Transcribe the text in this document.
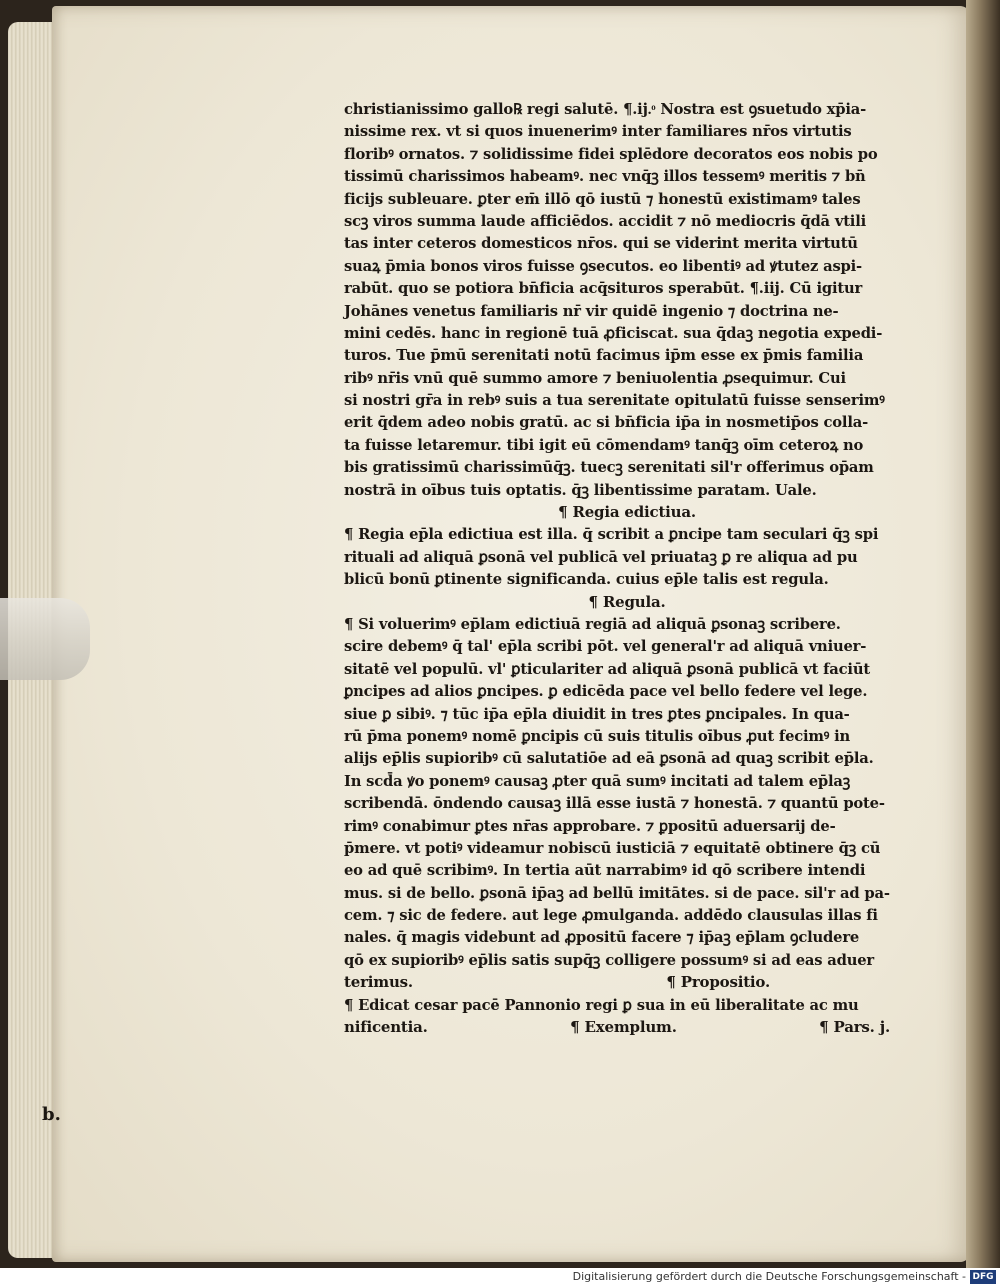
christianissimo gallo℞ regi salutē. ¶.ij.ͦ Nostra est ꝯsuetudo xp̄ia-
nissime rex. vt si quos inuenerimꝰ inter familiares nr̄os virtutis
floribꝰ ornatos. ⁊ solidissime fidei splēdore decoratos eos nobis po
tissimū charissimos habeamꝰ. nec vnq̄ꝫ illos tessemꝰ meritis ⁊ bn̄
ficijs subleuare. ꝑter em̄ illō qō iustū ⁊ honestū existimamꝰ tales
scꝫ viros summa laude afficiēdos. accidit ⁊ nō mediocris q̄dā vtili
tas inter ceteros domesticos nr̄os. qui se viderint merita virtutū
suaꝝ p̄mia bonos viros fuisse ꝯsecutos. eo libentiꝰ ad ꝟtutez aspi-
rabūt. quo se potiora bn̄ficia acq̄situros sperabūt. ¶.iij. Cū igitur
Johānes venetus familiaris nr̄ vir quidē ingenio ⁊ doctrina ne-
mini cedēs. hanc in regionē tuā ꝓficiscat. sua q̄daꝫ negotia expedi-
turos. Tue p̄mū serenitati notū facimus ip̄m esse ex p̄mis familia
ribꝰ nr̄is vnū quē summo amore ⁊ beniuolentia ꝓsequimur. Cui
si nostri gr̄a in rebꝰ suis a tua serenitate opitulatū fuisse senserimꝰ
erit q̄dem adeo nobis gratū. ac si bn̄ficia ip̄a in nosmetip̄os colla-
ta fuisse letaremur. tibi igit eū cōmendamꝰ tanq̄ꝫ oīm ceteroꝝ no
bis gratissimū charissimūq̄ꝫ. tuecꝫ serenitati sil'r offerimus op̄am
nostrā in oībus tuis optatis. q̄ꝫ libentissime paratam. Uale.
¶ Regia edictiua.
¶ Regia ep̄la edictiua est illa. q̄ scribit a ꝑncipe tam seculari q̄ꝫ spi
rituali ad aliquā ꝑsonā vel publicā vel priuataꝫ ꝑ re aliqua ad pu
blicū bonū ꝑtinente significanda. cuius ep̄le talis est regula.
¶ Regula.
¶ Si voluerimꝰ ep̄lam edictiuā regiā ad aliquā ꝑsonaꝫ scribere.
scire debemꝰ q̄ tal' ep̄la scribi pōt. vel general'r ad aliquā vniuer-
sitatē vel populū. vl' ꝑticulariter ad aliquā ꝑsonā publicā vt faciūt
ꝑncipes ad alios ꝑncipes. ꝑ edicēda pace vel bello federe vel lege.
siue ꝑ sibiꝰ. ⁊ tūc ip̄a ep̄la diuidit in tres ꝑtes ꝑncipales. In qua-
rū p̄ma ponemꝰ nomē ꝑncipis cū suis titulis oībus ꝓut fecimꝰ in
alijs ep̄lis supioribꝰ cū salutatiōe ad eā ꝑsonā ad quaꝫ scribit ep̄la.
In scd̄a ꝟo ponemꝰ causaꝫ ꝓter quā sumꝰ incitati ad talem ep̄laꝫ
scribendā. ōndendo causaꝫ illā esse iustā ⁊ honestā. ⁊ quantū pote-
rimꝰ conabimur ꝑtes nr̄as approbare. ⁊ ꝑpositū aduersarij de-
p̄mere. vt potiꝰ videamur nobiscū iusticiā ⁊ equitatē obtinere q̄ꝫ cū
eo ad quē scribimꝰ. In tertia aūt narrabimꝰ id qō scribere intendi
mus. si de bello. ꝑsonā ip̄aꝫ ad bellū imitātes. si de pace. sil'r ad pa-
cem. ⁊ sic de federe. aut lege ꝓmulganda. addēdo clausulas illas fi
nales. q̄ magis videbunt ad ꝓpositū facere ⁊ ip̄aꝫ ep̄lam ꝯcludere
qō ex supioribꝰ ep̄lis satis supq̄ꝫ colligere possumꝰ si ad eas aduer
terimus.	¶ Propositio.
¶ Edicat cesar pacē Pannonio regi ꝑ sua in eū liberalitate ac mu
nificentia.	¶ Exemplum.	¶ Pars. j.
b.
Digitalisierung gefördert durch die Deutsche Forschungsgemeinschaft - DFG
